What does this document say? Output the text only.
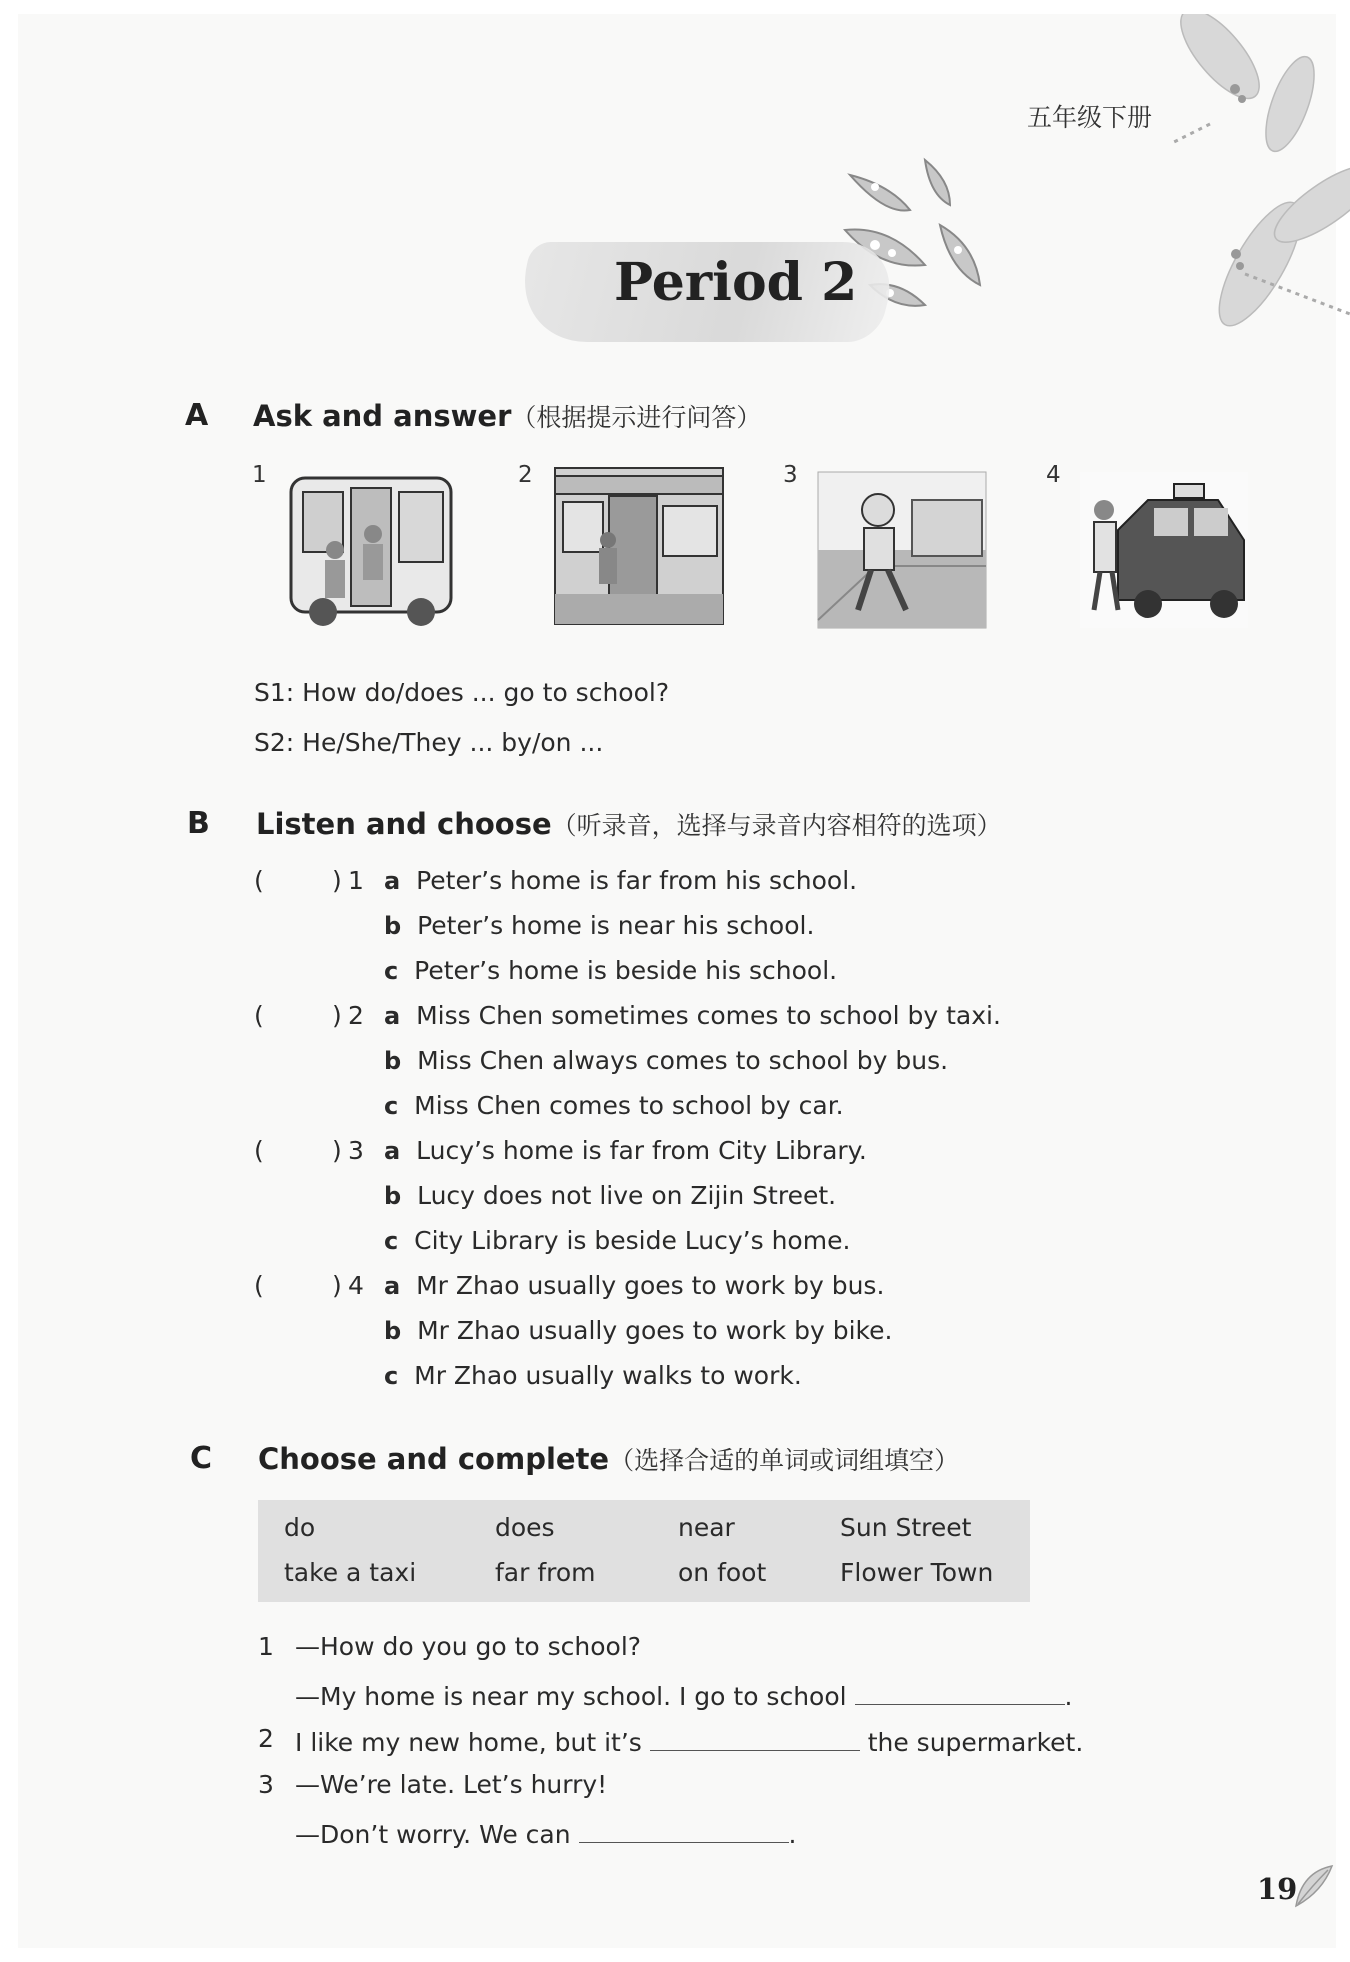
五年级下册
Period 2
A Ask and answer（根据提示进行问答）
1	2	3	4
S1: How do/does ... go to school?
S2: He/She/They ... by/on ...
B Listen and choose（听录音，选择与录音内容相符的选项）
(	) 1 a Peter’s home is far from his school.
b Peter’s home is near his school.
c Peter’s home is beside his school.
(	) 2 a Miss Chen sometimes comes to school by taxi.
b Miss Chen always comes to school by bus.
c Miss Chen comes to school by car.
(	) 3 a Lucy’s home is far from City Library.
b Lucy does not live on Zijin Street.
c City Library is beside Lucy’s home.
(	) 4 a Mr Zhao usually goes to work by bus.
b Mr Zhao usually goes to work by bike.
c Mr Zhao usually walks to work.
C Choose and complete（选择合适的单词或词组填空）
do	does	near	Sun Street
take a taxi	far from	on foot	Flower Town
1 —How do you go to school?
—My home is near my school. I go to school	.
2 I like my new home, but it’s	the supermarket.
3 —We’re late. Let’s hurry!
—Don’t worry. We can	.
19
